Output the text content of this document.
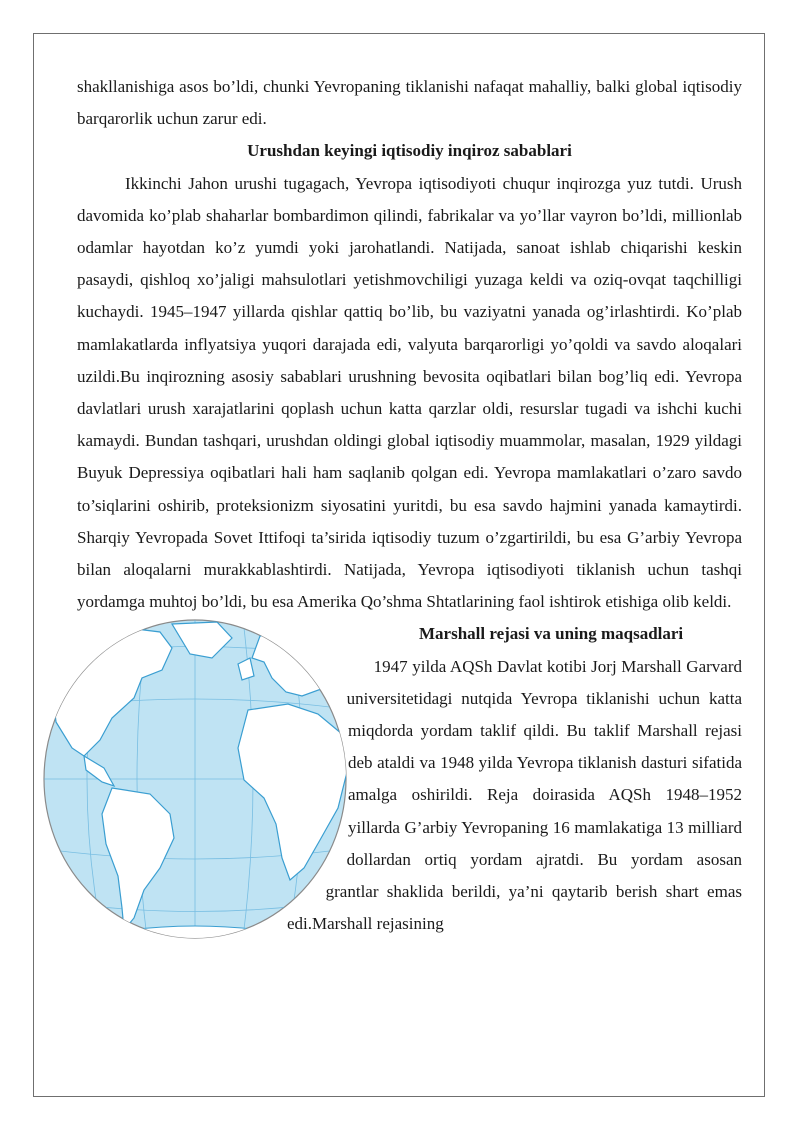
shakllanishiga asos bo’ldi, chunki Yevropaning tiklanishi nafaqat mahalliy, balki global iqtisodiy barqarorlik uchun zarur edi.

Urushdan keyingi iqtisodiy inqiroz sabablari

Ikkinchi Jahon urushi tugagach, Yevropa iqtisodiyoti chuqur inqirozga yuz tutdi. Urush davomida ko’plab shaharlar bombardimon qilindi, fabrikalar va yo’llar vayron bo’ldi, millionlab odamlar hayotdan ko’z yumdi yoki jarohatlandi. Natijada, sanoat ishlab chiqarishi keskin pasaydi, qishloq xo’jaligi mahsulotlari yetishmovchiligi yuzaga keldi va oziq-ovqat taqchilligi kuchaydi. 1945–1947 yillarda qishlar qattiq bo’lib, bu vaziyatni yanada og’irlashtirdi. Ko’plab mamlakatlarda inflyatsiya yuqori darajada edi, valyuta barqarorligi yo’qoldi va savdo aloqalari uzildi.Bu inqirozning asosiy sabablari urushning bevosita oqibatlari bilan bog’liq edi. Yevropa davlatlari urush xarajatlarini qoplash uchun katta qarzlar oldi, resurslar tugadi va ishchi kuchi kamaydi. Bundan tashqari, urushdan oldingi global iqtisodiy muammolar, masalan, 1929 yildagi Buyuk Depressiya oqibatlari hali ham saqlanib qolgan edi. Yevropa mamlakatlari o’zaro savdo to’siqlarini oshirib, proteksionizm siyosatini yuritdi, bu esa savdo hajmini yanada kamaytirdi. Sharqiy Yevropada Sovet Ittifoqi ta’sirida iqtisodiy tuzum o’zgartirildi, bu esa G’arbiy Yevropa bilan aloqalarni murakkablashtirdi. Natijada, Yevropa iqtisodiyoti tiklanish uchun tashqi yordamga muhtoj bo’ldi, bu esa Amerika Qo’shma Shtatlarining faol ishtirok etishiga olib keldi.

Marshall rejasi va uning maqsadlari

1947 yilda AQSh Davlat kotibi Jorj Marshall Garvard universitetidagi nutqida Yevropa tiklanishi uchun katta miqdorda yordam taklif qildi. Bu taklif Marshall rejasi deb ataldi va 1948 yilda Yevropa tiklanish dasturi sifatida amalga oshirildi. Reja doirasida AQSh 1948–1952 yillarda G’arbiy Yevropaning 16 mamlakatiga 13 milliard dollardan ortiq yordam ajratdi. Bu yordam asosan grantlar shaklida berildi, ya’ni qaytarib berish shart emas edi.Marshall rejasining
